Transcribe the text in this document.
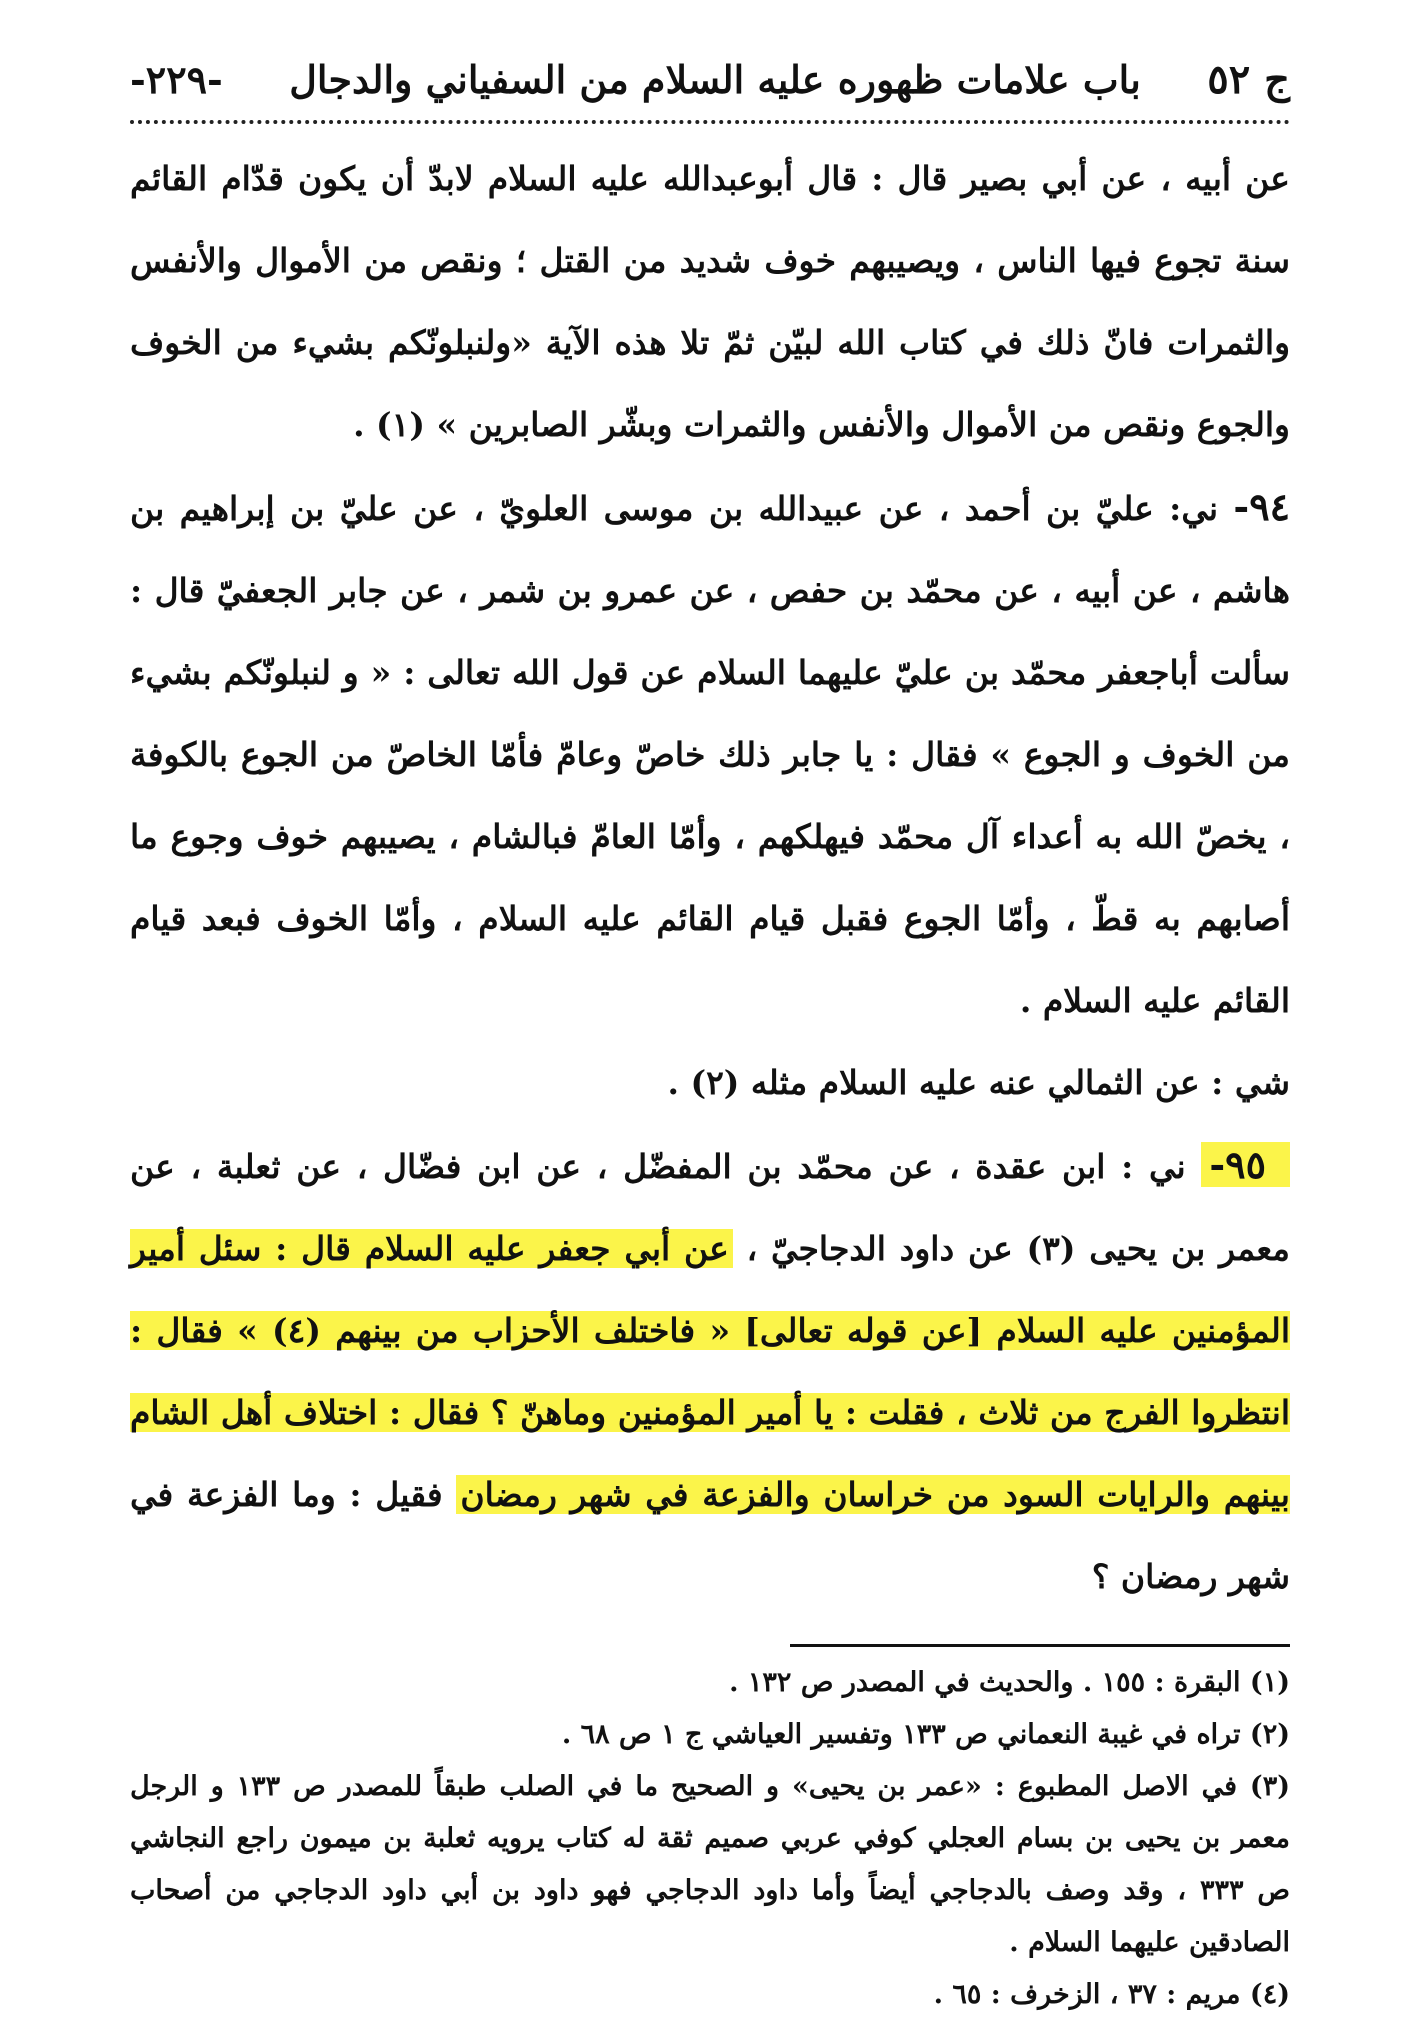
ج ٥٢
باب علامات ظهوره عليه السلام من السفياني والدجال
-٢٢٩-

عن أبيه ، عن أبي بصير قال : قال أبوعبدالله عليه السلام لابدّ أن يكون قدّام القائم سنة تجوع فيها الناس ، ويصيبهم خوف شديد من القتل ؛ ونقص من الأموال والأنفس والثمرات فانّ ذلك في كتاب الله لبيّن ثمّ تلا هذه الآية «ولنبلونّكم بشيء من الخوف والجوع ونقص من الأموال والأنفس والثمرات وبشّر الصابرين » (١) .

٩٤- ني: عليّ بن أحمد ، عن عبيدالله بن موسى العلويّ ، عن عليّ بن إبراهيم بن هاشم ، عن أبيه ، عن محمّد بن حفص ، عن عمرو بن شمر ، عن جابر الجعفيّ قال : سألت أباجعفر محمّد بن عليّ عليهما السلام عن قول الله تعالى : « و لنبلونّكم بشيء من الخوف و الجوع » فقال : يا جابر ذلك خاصّ وعامّ فأمّا الخاصّ من الجوع بالكوفة ، يخصّ الله به أعداء آل محمّد فيهلكهم ، وأمّا العامّ فبالشام ، يصيبهم خوف وجوع ما أصابهم به قطّ ، وأمّا الجوع فقبل قيام القائم عليه السلام ، وأمّا الخوف فبعد قيام القائم عليه السلام .

شي : عن الثمالي عنه عليه السلام مثله (٢) .

٩٥- ني : ابن عقدة ، عن محمّد بن المفضّل ، عن ابن فضّال ، عن ثعلبة ، عن معمر بن يحيى (٣) عن داود الدجاجيّ ، عن أبي جعفر عليه السلام قال : سئل أمير المؤمنين عليه السلام [عن قوله تعالى] « فاختلف الأحزاب من بينهم (٤) » فقال : انتظروا الفرج من ثلاث ، فقلت : يا أمير المؤمنين وماهنّ ؟ فقال : اختلاف أهل الشام بينهم والرايات السود من خراسان والفزعة في شهر رمضان فقيل : وما الفزعة في شهر رمضان ؟

(١) البقرة : ١٥٥ . والحديث في المصدر ص ١٣٢ .

(٢) تراه في غيبة النعماني ص ١٣٣ وتفسير العياشي ج ١ ص ٦٨ .

(٣) في الاصل المطبوع : «عمر بن يحيى» و الصحيح ما في الصلب طبقاً للمصدر ص ١٣٣ و الرجل معمر بن يحيى بن بسام العجلي كوفي عربي صميم ثقة له كتاب يرويه ثعلبة بن ميمون راجع النجاشي ص ٣٣٣ ، وقد وصف بالدجاجي أيضاً وأما داود الدجاجي فهو داود بن أبي داود الدجاجي من أصحاب الصادقين عليهما السلام .

(٤) مريم : ٣٧ ، الزخرف : ٦٥ .
